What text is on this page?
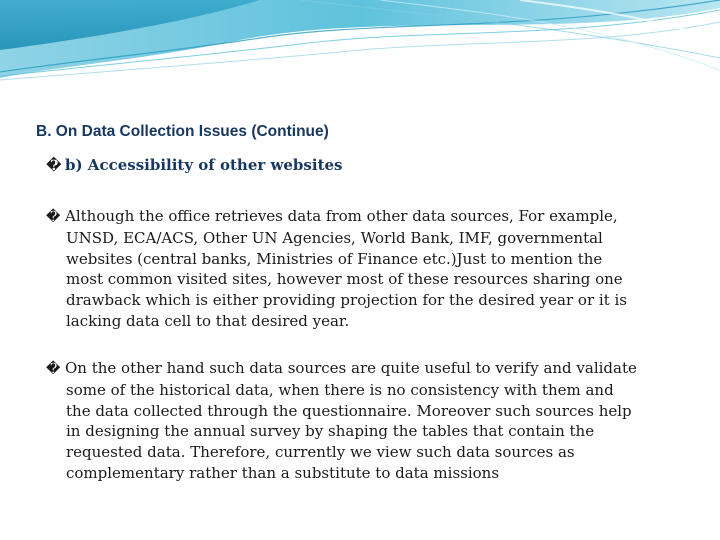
B. On Data Collection Issues (Continue)
� b) Accessibility of other websites
� Although the office retrieves data from other data sources, For example,
UNSD, ECA/ACS, Other UN Agencies, World Bank, IMF, governmental
websites (central banks, Ministries of Finance etc.)Just to mention the
most common visited sites, however most of these resources sharing one
drawback which is either providing projection for the desired year or it is
lacking data cell to that desired year.
� On the other hand such data sources are quite useful to verify and validate
some of the historical data, when there is no consistency with them and
the data collected through the questionnaire. Moreover such sources help
in designing the annual survey by shaping the tables that contain the
requested data. Therefore, currently we view such data sources as
complementary rather than a substitute to data missions
